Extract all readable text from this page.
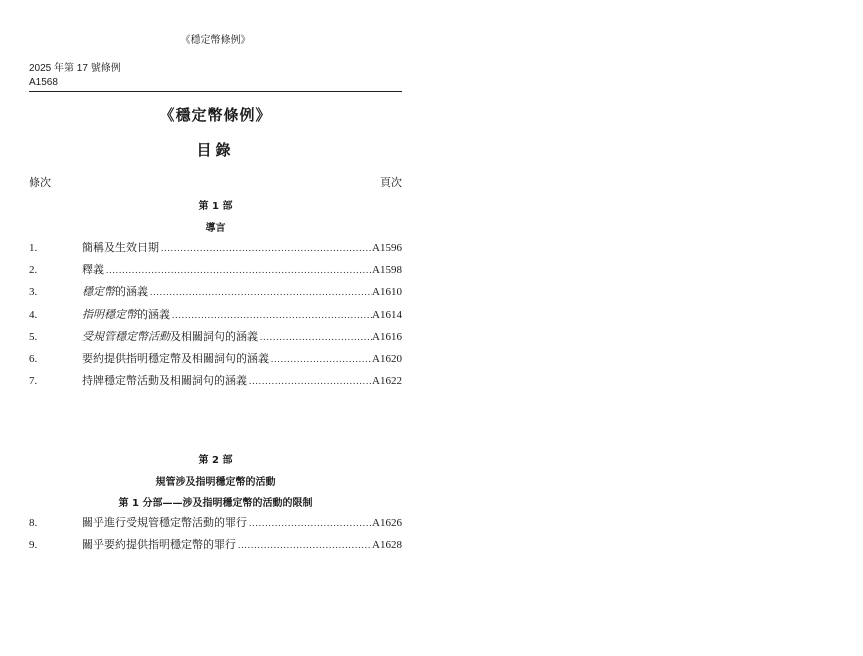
《穩定幣條例》
2025 年第 17 號條例
A1568
《穩定幣條例》
目錄
條次	頁次
第 1 部
導言
1.	簡稱及生效日期 .....	A1596
2.	釋義 .....	A1598
3.	穩定幣的涵義 .....	A1610
4.	指明穩定幣的涵義 .....	A1614
5.	受規管穩定幣活動及相關詞句的涵義 .....	A1616
6.	要約提供指明穩定幣及相關詞句的涵義 .....	A1620
7.	持牌穩定幣活動及相關詞句的涵義 .....	A1622
第 2 部
規管涉及指明穩定幣的活動
第 1 分部——涉及指明穩定幣的活動的限制
8.	關乎進行受規管穩定幣活動的罪行 .....	A1626
9.	關乎要約提供指明穩定幣的罪行 .....	A1628
